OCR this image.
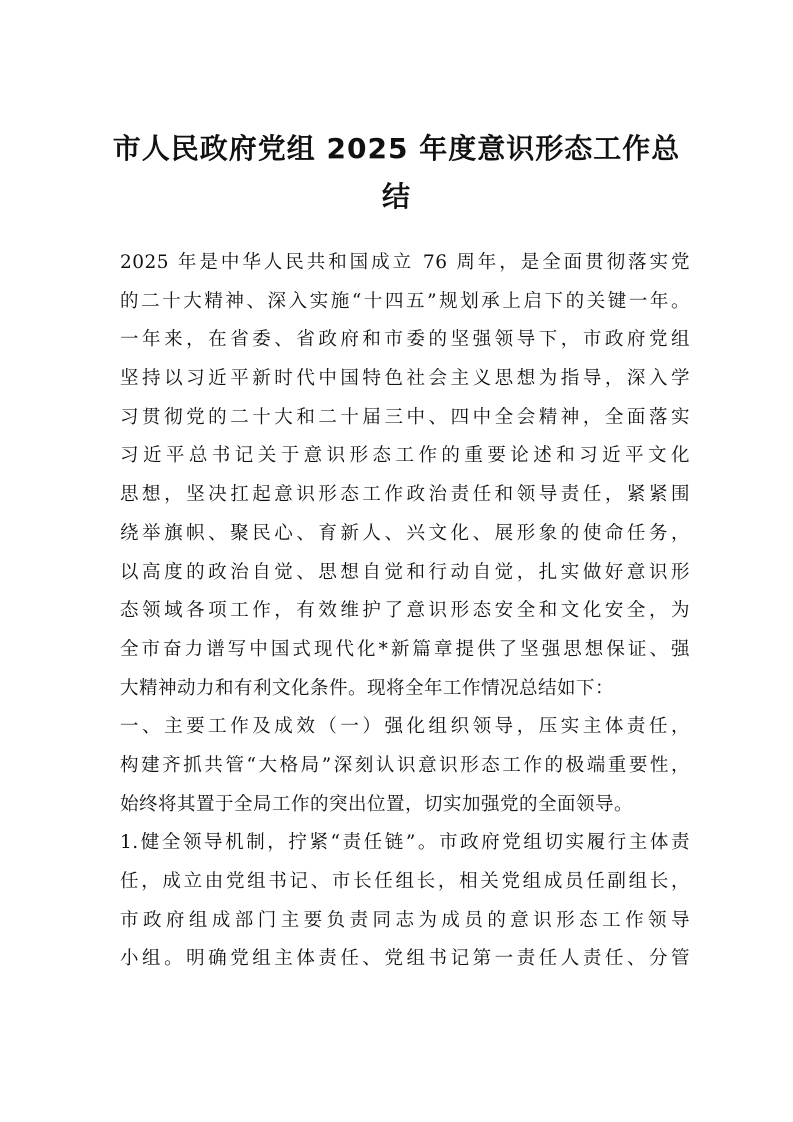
市人民政府党组 2025 年度意识形态工作总
结
2025 年是中华人民共和国成立 76 周年，是全面贯彻落实党
的二十大精神、深入实施“十四五”规划承上启下的关键一年。
一年来，在省委、省政府和市委的坚强领导下，市政府党组
坚持以习近平新时代中国特色社会主义思想为指导，深入学
习贯彻党的二十大和二十届三中、四中全会精神，全面落实
习近平总书记关于意识形态工作的重要论述和习近平文化
思想，坚决扛起意识形态工作政治责任和领导责任，紧紧围
绕举旗帜、聚民心、育新人、兴文化、展形象的使命任务，
以高度的政治自觉、思想自觉和行动自觉，扎实做好意识形
态领域各项工作，有效维护了意识形态安全和文化安全，为
全市奋力谱写中国式现代化*新篇章提供了坚强思想保证、强
大精神动力和有利文化条件。现将全年工作情况总结如下：
一、主要工作及成效（一）强化组织领导，压实主体责任，
构建齐抓共管“大格局”深刻认识意识形态工作的极端重要性，
始终将其置于全局工作的突出位置，切实加强党的全面领导。
1.健全领导机制，拧紧“责任链”。市政府党组切实履行主体责
任，成立由党组书记、市长任组长，相关党组成员任副组长，
市政府组成部门主要负责同志为成员的意识形态工作领导
小组。明确党组主体责任、党组书记第一责任人责任、分管
